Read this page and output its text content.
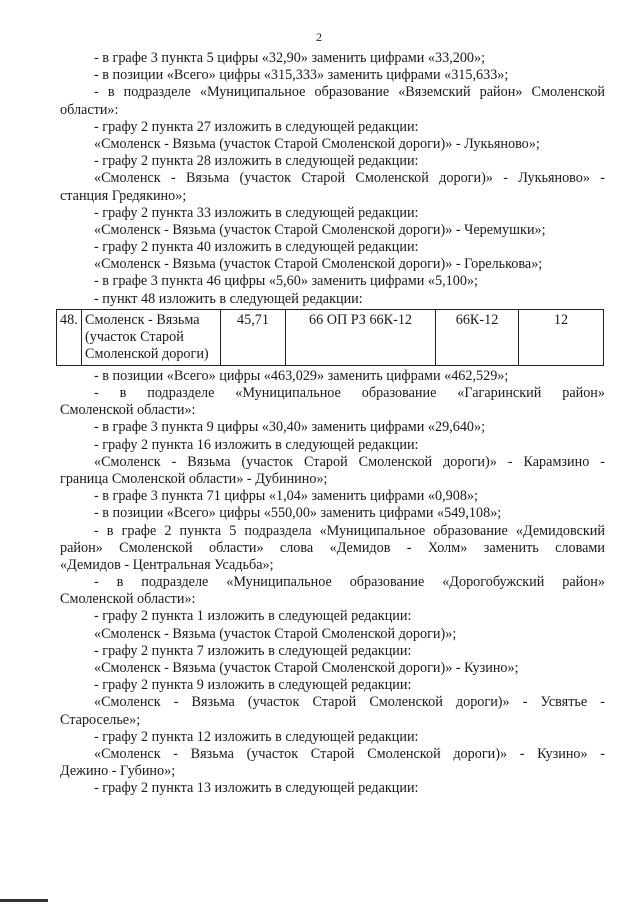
2
- в графе 3 пункта 5 цифры «32,90» заменить цифрами «33,200»;
- в позиции «Всего» цифры «315,333» заменить цифрами «315,633»;
- в подразделе «Муниципальное образование «Вяземский район» Смоленской
области»:
- графу 2 пункта 27 изложить в следующей редакции:
«Смоленск - Вязьма (участок Старой Смоленской дороги)» - Лукьяново»;
- графу 2 пункта 28 изложить в следующей редакции:
«Смоленск - Вязьма (участок Старой Смоленской дороги)» - Лукьяново» -
станция Гредякино»;
- графу 2 пункта 33 изложить в следующей редакции:
«Смоленск - Вязьма (участок Старой Смоленской дороги)» - Черемушки»;
- графу 2 пункта 40 изложить в следующей редакции:
«Смоленск - Вязьма (участок Старой Смоленской дороги)» - Горелькова»;
- в графе 3 пункта 46 цифры «5,60» заменить цифрами «5,100»;
- пункт 48 изложить в следующей редакции:
48.	Смоленск - Вязьма
(участок Старой
Смоленской дороги)
	45,71	66 ОП РЗ 66К-12	66К-12	12
- в позиции «Всего» цифры «463,029» заменить цифрами «462,529»;
- в подразделе «Муниципальное образование «Гагаринский район»
Смоленской области»:
- в графе 3 пункта 9 цифры «30,40» заменить цифрами «29,640»;
- графу 2 пункта 16 изложить в следующей редакции:
«Смоленск - Вязьма (участок Старой Смоленской дороги)» - Карамзино -
граница Смоленской области» - Дубинино»;
- в графе 3 пункта 71 цифры «1,04» заменить цифрами «0,908»;
- в позиции «Всего» цифры «550,00» заменить цифрами «549,108»;
- в графе 2 пункта 5 подраздела «Муниципальное образование «Демидовский
район» Смоленской области» слова «Демидов - Холм» заменить словами
«Демидов - Центральная Усадьба»;
- в подразделе «Муниципальное образование «Дорогобужский район»
Смоленской области»:
- графу 2 пункта 1 изложить в следующей редакции:
«Смоленск - Вязьма (участок Старой Смоленской дороги)»;
- графу 2 пункта 7 изложить в следующей редакции:
«Смоленск - Вязьма (участок Старой Смоленской дороги)» - Кузино»;
- графу 2 пункта 9 изложить в следующей редакции:
«Смоленск - Вязьма (участок Старой Смоленской дороги)» - Усвятье -
Староселье»;
- графу 2 пункта 12 изложить в следующей редакции:
«Смоленск - Вязьма (участок Старой Смоленской дороги)» - Кузино» -
Дежино - Губино»;
- графу 2 пункта 13 изложить в следующей редакции:
